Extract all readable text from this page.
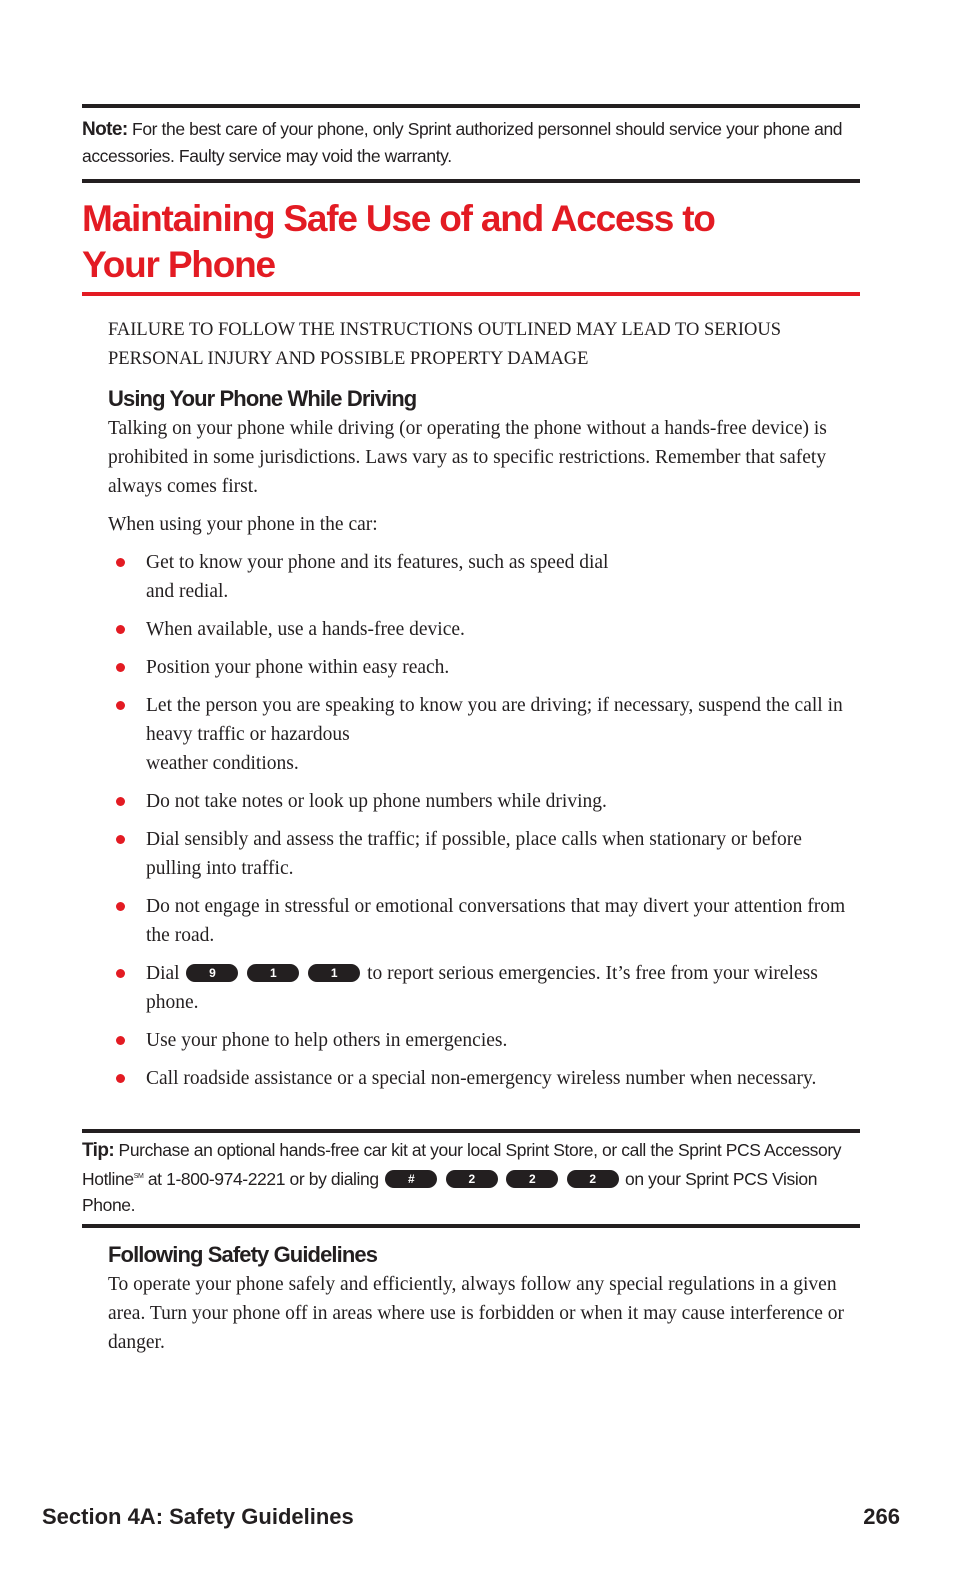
Note: For the best care of your phone, only Sprint authorized personnel should service your phone and accessories. Faulty service may void the warranty.
Maintaining Safe Use of and Access to
Your Phone

FAILURE TO FOLLOW THE INSTRUCTIONS OUTLINED MAY LEAD TO SERIOUS

PERSONAL INJURY AND POSSIBLE PROPERTY DAMAGE

Using Your Phone While Driving

Talking on your phone while driving (or operating the phone without a hands-free device) is prohibited in some jurisdictions. Laws vary as to specific restrictions. Remember that safety always comes first.

When using your phone in the car:

Get to know your phone and its features, such as speed dial
and redial.
When available, use a hands-free device.
Position your phone within easy reach.
Let the person you are speaking to know you are driving; if necessary, suspend the call in heavy traffic or hazardous
weather conditions.
Do not take notes or look up phone numbers while driving.
Dial sensibly and assess the traffic; if possible, place calls when stationary or before pulling into traffic.
Do not engage in stressful or emotional conversations that may divert your attention from the road.
Dial 9	1	1 to report serious emergencies. It’s free from your wireless phone.
Use your phone to help others in emergencies.
Call roadside assistance or a special non-emergency wireless number when necessary.
Tip: Purchase an optional hands-free car kit at your local Sprint Store, or call the Sprint PCS Accessory Hotline℠ at 1-800-974-2221 or by dialing #	2	2	2 on your Sprint PCS Vision Phone.
Following Safety Guidelines

To operate your phone safely and efficiently, always follow any special regulations in a given area. Turn your phone off in areas where use is forbidden or when it may cause interference or danger.

Section 4A: Safety Guidelines	266
